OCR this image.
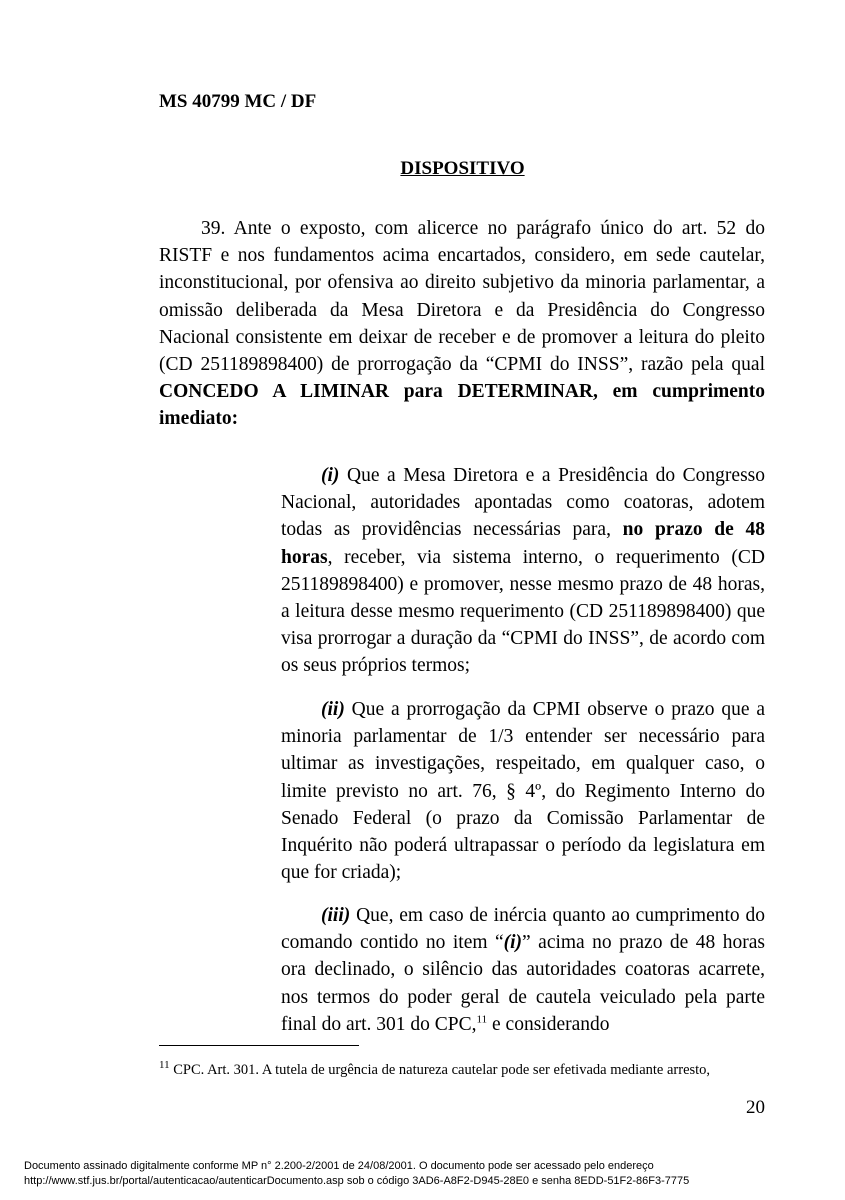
MS 40799 MC / DF

DISPOSITIVO

39. Ante o exposto, com alicerce no parágrafo único do art. 52 do RISTF e nos fundamentos acima encartados, considero, em sede cautelar, inconstitucional, por ofensiva ao direito subjetivo da minoria parlamentar, a omissão deliberada da Mesa Diretora e da Presidência do Congresso Nacional consistente em deixar de receber e de promover a leitura do pleito (CD 251189898400) de prorrogação da “CPMI do INSS”, razão pela qual CONCEDO A LIMINAR para DETERMINAR, em cumprimento imediato:

(i) Que a Mesa Diretora e a Presidência do Congresso Nacional, autoridades apontadas como coatoras, adotem todas as providências necessárias para, no prazo de 48 horas, receber, via sistema interno, o requerimento (CD 251189898400) e promover, nesse mesmo prazo de 48 horas, a leitura desse mesmo requerimento (CD 251189898400) que visa prorrogar a duração da “CPMI do INSS”, de acordo com os seus próprios termos;

(ii) Que a prorrogação da CPMI observe o prazo que a minoria parlamentar de 1/3 entender ser necessário para ultimar as investigações, respeitado, em qualquer caso, o limite previsto no art. 76, § 4º, do Regimento Interno do Senado Federal (o prazo da Comissão Parlamentar de Inquérito não poderá ultrapassar o período da legislatura em que for criada);

(iii) Que, em caso de inércia quanto ao cumprimento do comando contido no item “(i)” acima no prazo de 48 horas ora declinado, o silêncio das autoridades coatoras acarrete, nos termos do poder geral de cautela veiculado pela parte final do art. 301 do CPC,$^{11}$ e considerando

$^{11}$ CPC. Art. 301. A tutela de urgência de natureza cautelar pode ser efetivada mediante arresto,

20

Documento assinado digitalmente conforme MP n° 2.200-2/2001 de 24/08/2001. O documento pode ser acessado pelo endereço
http://www.stf.jus.br/portal/autenticacao/autenticarDocumento.asp sob o código 3AD6-A8F2-D945-28E0 e senha 8EDD-51F2-86F3-7775
